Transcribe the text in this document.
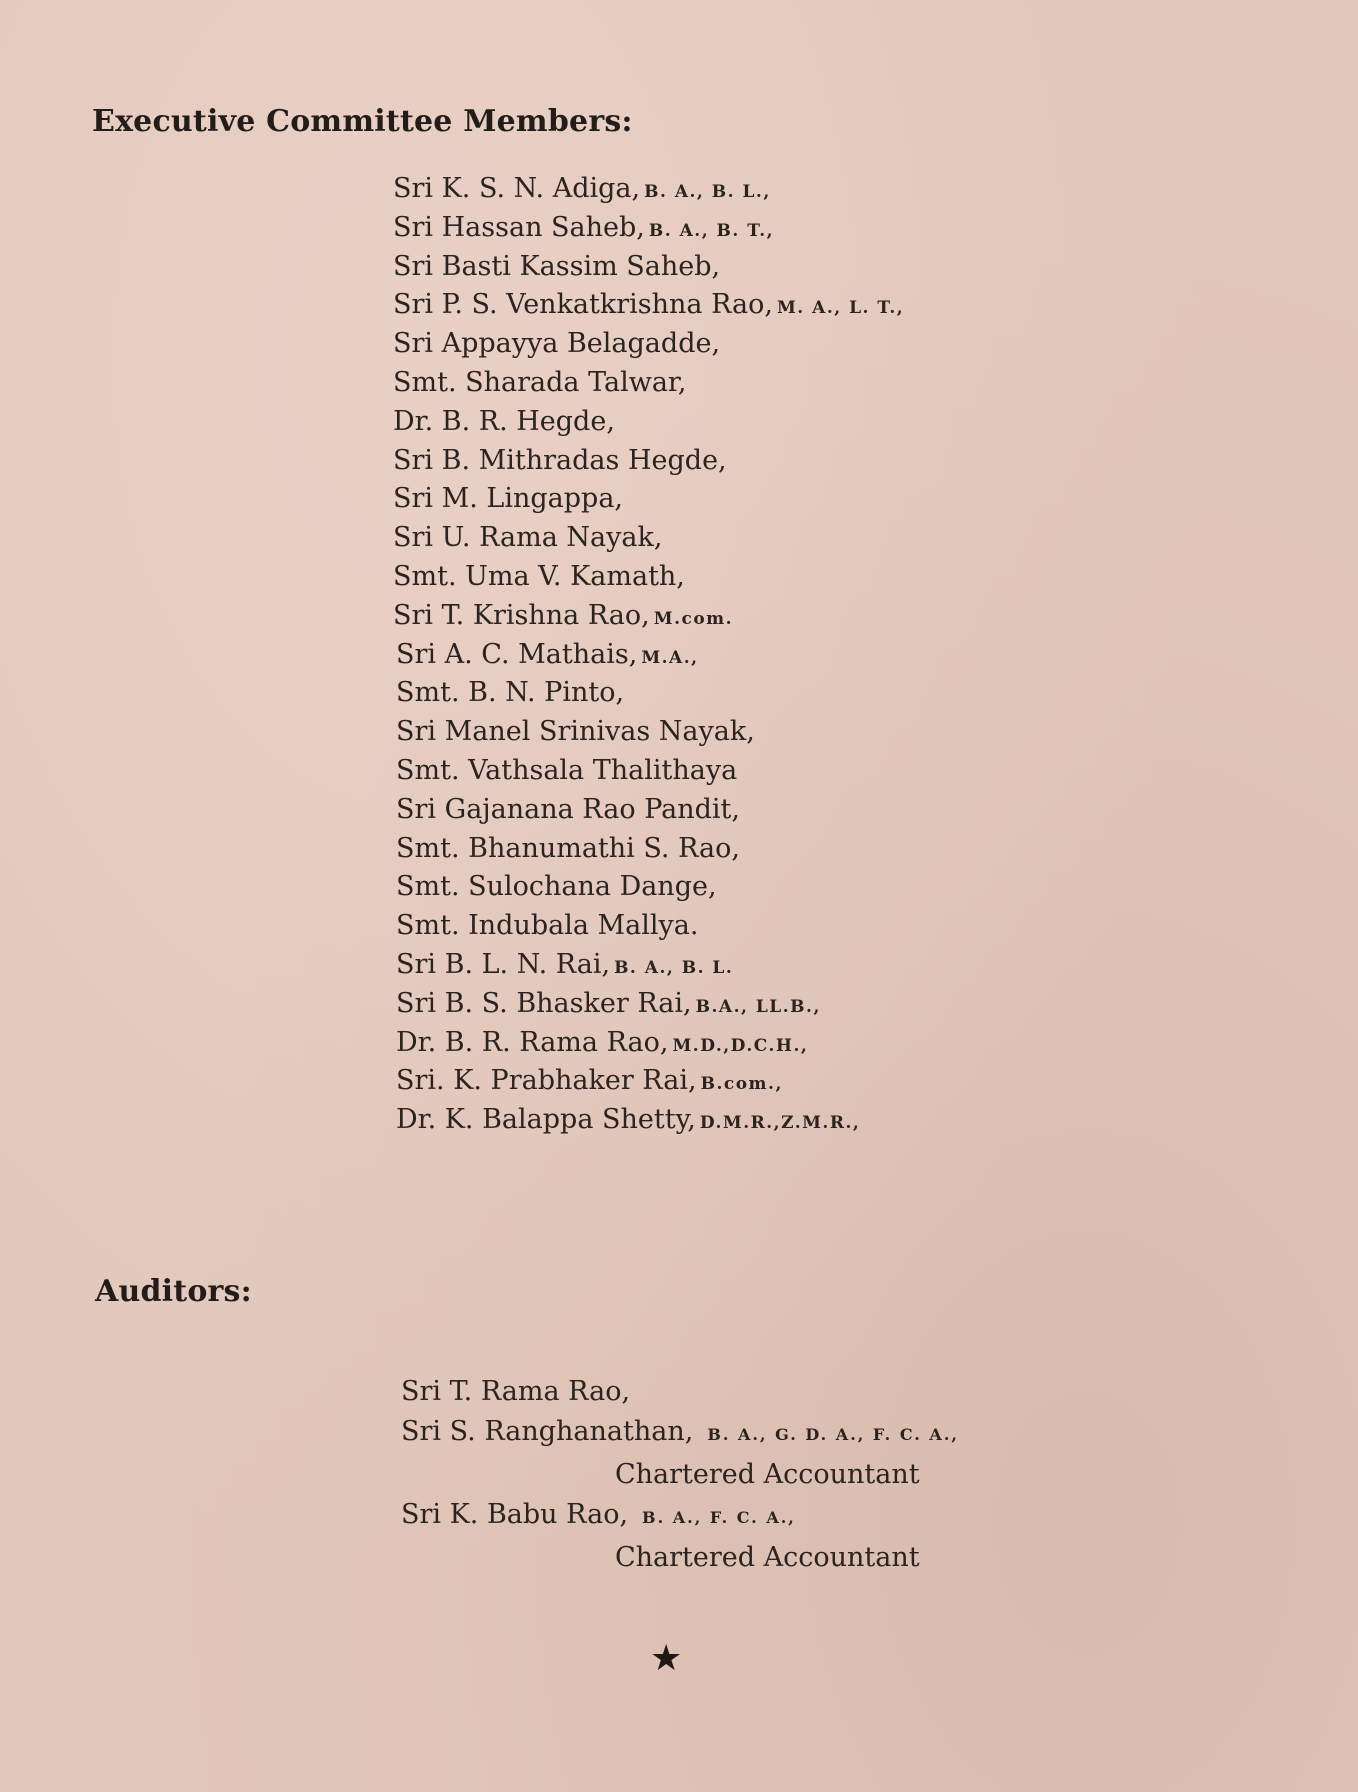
Executive Committee Members:
Sri K. S. N. Adiga, B. A., B. L.,
Sri Hassan Saheb, B. A., B. T.,
Sri Basti Kassim Saheb,
Sri P. S. Venkatkrishna Rao, M. A., L. T.,
Sri Appayya Belagadde,
Smt. Sharada Talwar,
Dr. B. R. Hegde,
Sri B. Mithradas Hegde,
Sri M. Lingappa,
Sri U. Rama Nayak,
Smt. Uma V. Kamath,
Sri T. Krishna Rao, M.com.
Sri A. C. Mathais, M.A.,
Smt. B. N. Pinto,
Sri Manel Srinivas Nayak,
Smt. Vathsala Thalithaya
Sri Gajanana Rao Pandit,
Smt. Bhanumathi S. Rao,
Smt. Sulochana Dange,
Smt. Indubala Mallya.
Sri B. L. N. Rai, B. A., B. L.
Sri B. S. Bhasker Rai, B.A., LL.B.,
Dr. B. R. Rama Rao, M.D.,D.C.H.,
Sri. K. Prabhaker Rai, B.com.,
Dr. K. Balappa Shetty, D.M.R.,Z.M.R.,
Auditors:
Sri T. Rama Rao,
Sri S. Ranghanathan, B. A., G. D. A., F. C. A.,
Chartered Accountant
Sri K. Babu Rao, B. A., F. C. A.,
Chartered Accountant
★
